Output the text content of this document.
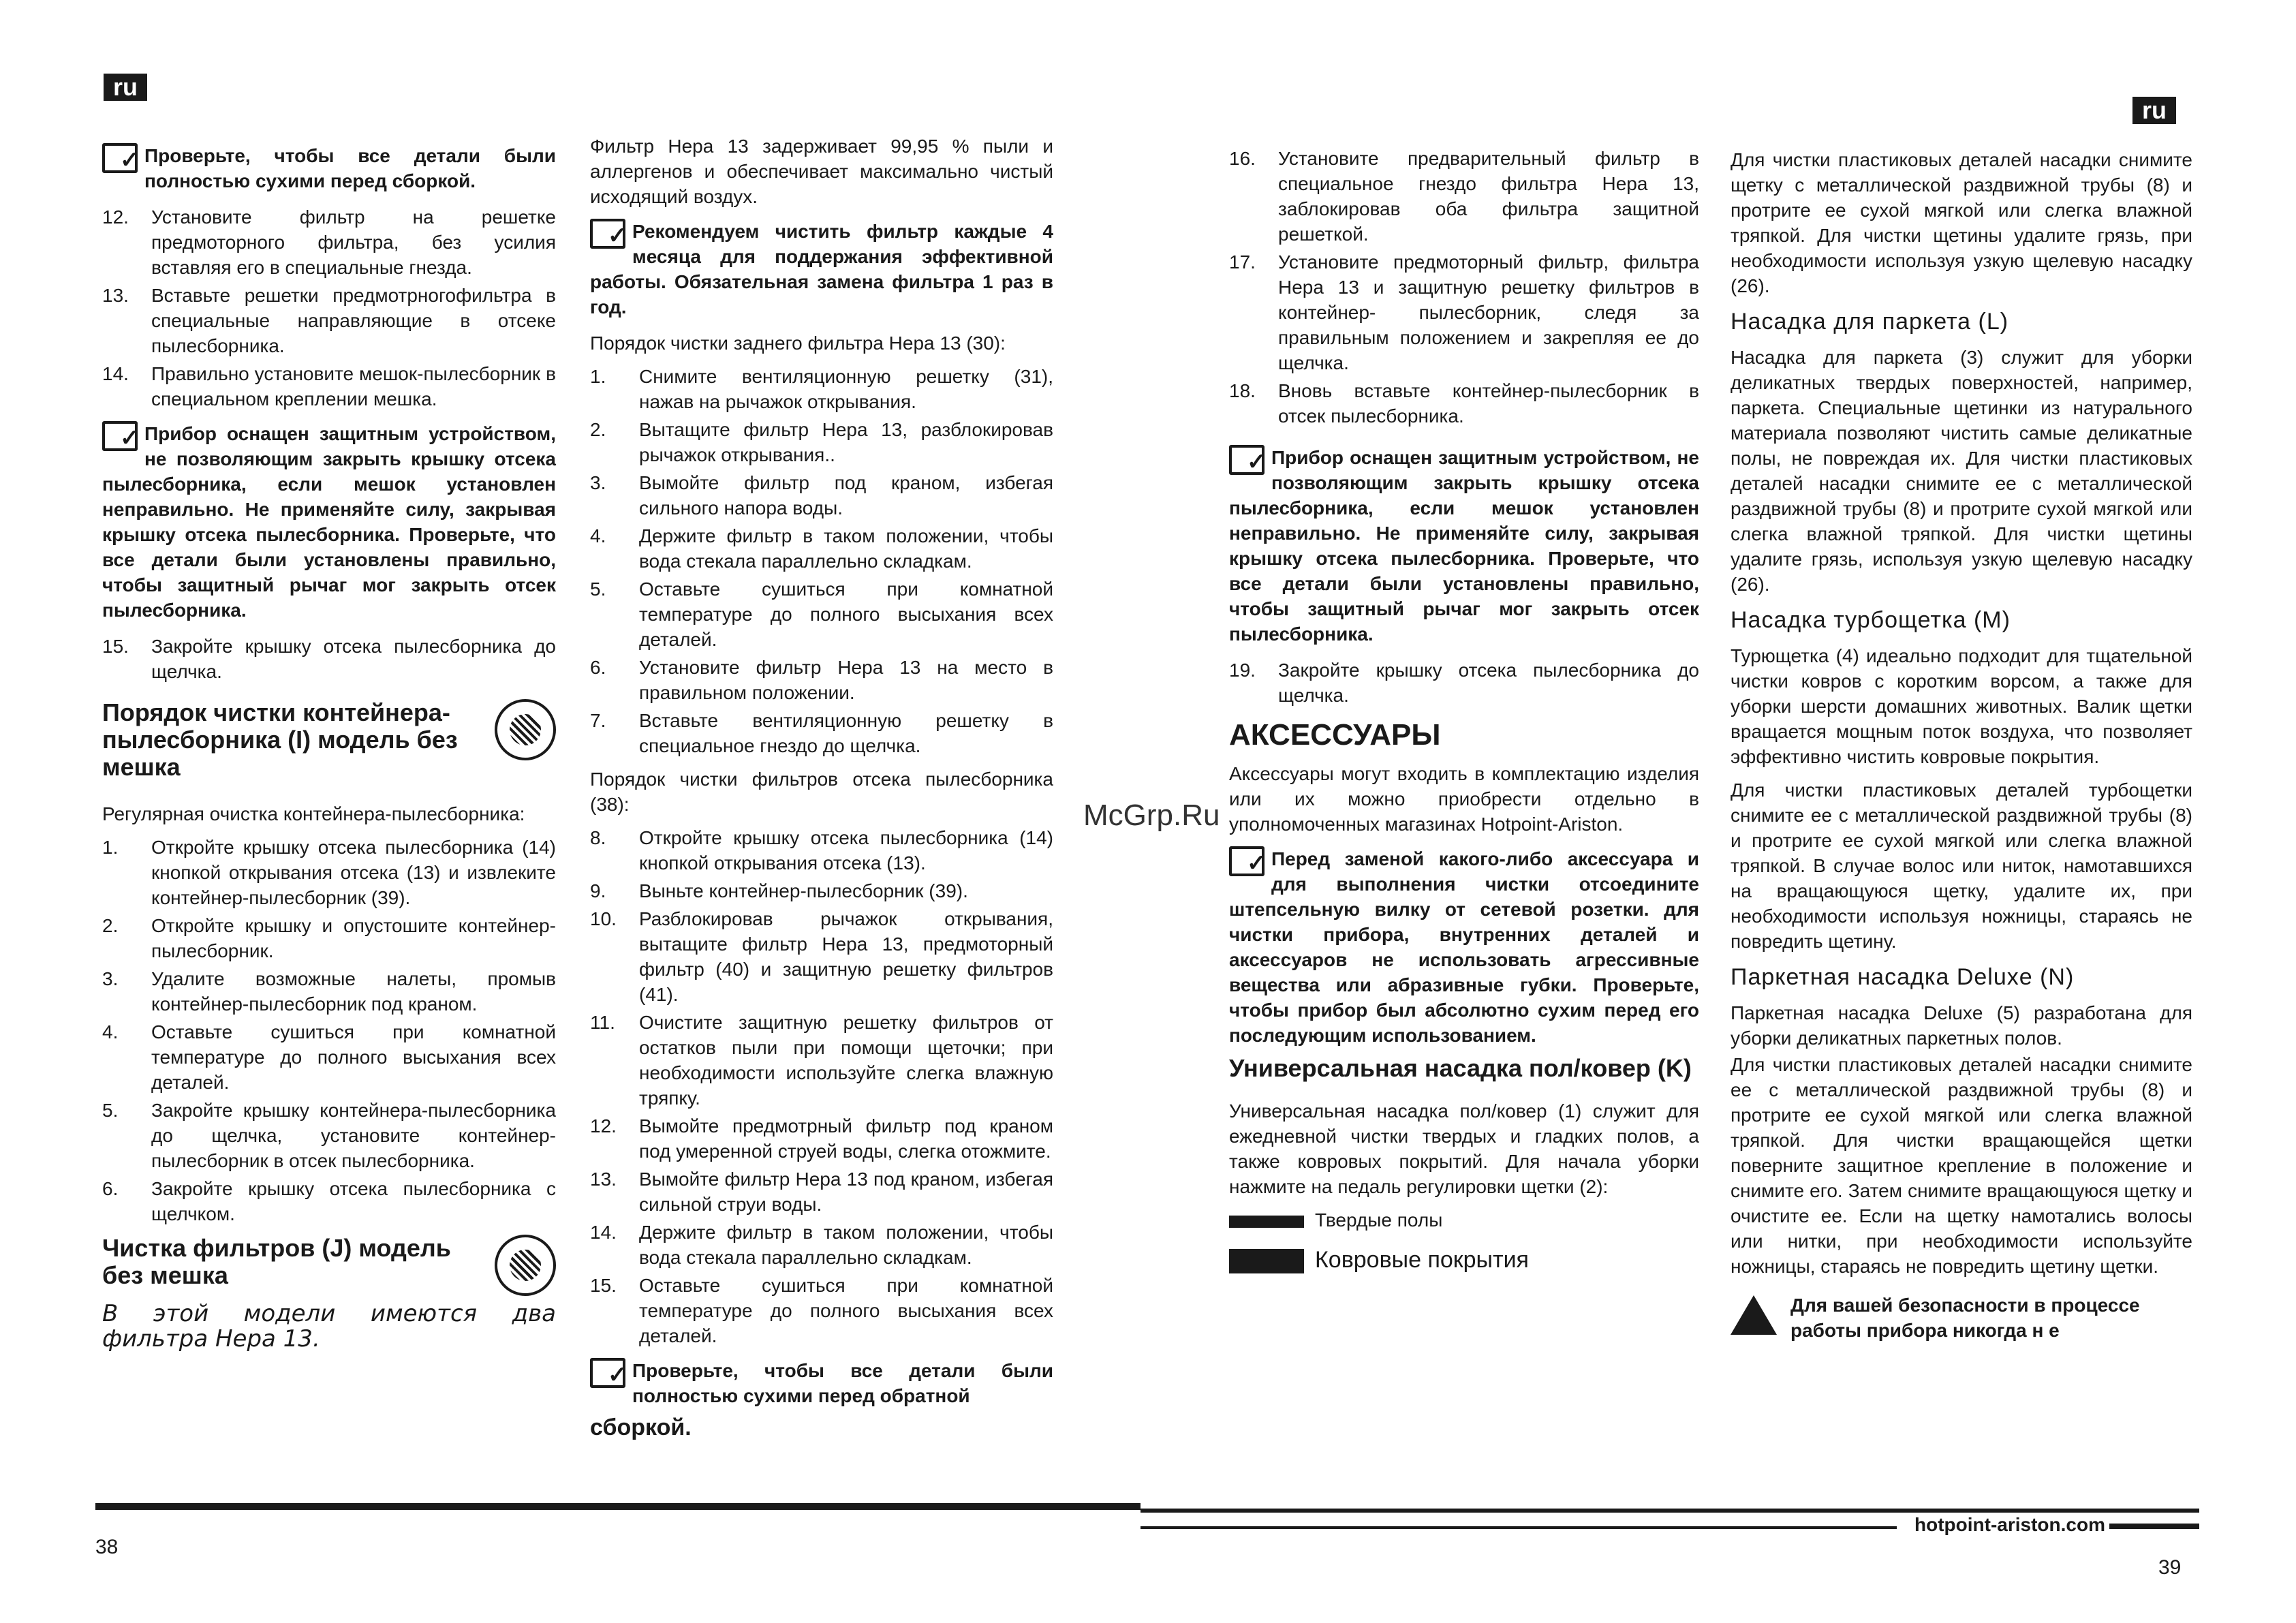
ru
ru
✓
Проверьте, чтобы все детали были полностью сухими перед сборкой.
12.	Установите фильтр на решетке предмоторного фильтра, без усилия вставляя его в специальные гнезда.
13.	Вставьте решетки предмотрногофильтра в специальные направляющие в отсеке пылесборника.
14.	Правильно установите мешок-пылесборник в специальном креплении мешка.
✓
Прибор оснащен защитным устройством, не позволяющим закрыть крышку отсека пылесборника, если мешок установлен неправильно. Не применяйте силу, закрывая крышку отсека пылесборника. Проверьте, что все детали были установлены правильно, чтобы защитный рычаг мог закрыть отсек пылесборника.
15.	Закройте крышку отсека пылесборника до щелчка.
Порядок чистки контейнера- пылесборника (I) модель без мешка

Регулярная очистка контейнера-пылесборника:

1.	Откройте крышку отсека пылесборника (14) кнопкой открывания отсека (13) и извлеките контейнер-пылесборник (39).
2.	Откройте крышку и опустошите контейнер-пылесборник.
3.	Удалите возможные налеты, промыв контейнер-пылесборник под краном.
4.	Оставьте сушиться при комнатной температуре до полного высыхания всех деталей.
5.	Закройте крышку контейнера-пылесборника до щелчка, установите контейнер-пылесборник в отсек пылесборника.
6.	Закройте крышку отсека пылесборника с щелчком.
Чистка фильтров (J) модель без мешка

В этой модели имеются два фильтра Hepa 13.

Фильтр Hepa 13 задерживает 99,95 % пыли и аллергенов и обеспечивает максимально чистый исходящий воздух.

✓
Рекомендуем чистить фильтр каждые 4 месяца для поддержания эффективной работы. Обязательная замена фильтра 1 раз в год.

Порядок чистки заднего фильтра Hepa 13 (30):

1.	Снимите вентиляционную решетку (31), нажав на рычажок открывания.
2.	Вытащите фильтр Hepa 13, разблокировав рычажок открывания..
3.	Вымойте фильтр под краном, избегая сильного напора воды.
4.	Держите фильтр в таком положении, чтобы вода стекала параллельно складкам.
5.	Оставьте сушиться при комнатной температуре до полного высыхания всех деталей.
6.	Установите фильтр Hepa 13 на место в правильном положении.
7.	Вставьте вентиляционную решетку в специальное гнездо до щелчка.

Порядок чистки фильтров отсека пылесборника (38):

8.	Откройте крышку отсека пылесборника (14) кнопкой открывания отсека (13).
9.	Выньте контейнер-пылесборник (39).
10.	Разблокировав рычажок открывания, вытащите фильтр Hepa 13, предмоторный фильтр (40) и защитную решетку фильтров (41).
11.	Очистите защитную решетку фильтров от остатков пыли при помощи щеточки; при необходимости используйте слегка влажную тряпку.
12.	Вымойте предмотрный фильтр под краном под умеренной струей воды, слегка отожмите.
13.	Вымойте фильтр Hepa 13 под краном, избегая сильной струи воды.
14.	Держите фильтр в таком положении, чтобы вода стекала параллельно складкам.
15.	Оставьте сушиться при комнатной температуре до полного высыхания всех деталей.
✓
Проверьте, чтобы все детали были полностью сухими перед обратной

сборкой.

16.	Установите предварительный фильтр в специальное гнездо фильтра Hepa 13, заблокировав оба фильтра защитной решеткой.
17.	Установите предмоторный фильтр, фильтра Hepa 13 и защитную решетку фильтров в контейнер- пылесборник, следя за правильным положением и закрепляя ее до щелчка.
18.	Вновь вставьте контейнер-пылесборник в отсек пылесборника.
✓
Прибор оснащен защитным устройством, не позволяющим закрыть крышку отсека пылесборника, если мешок установлен неправильно. Не применяйте силу, закрывая крышку отсека пылесборника. Проверьте, что все детали были установлены правильно, чтобы защитный рычаг мог закрыть отсек пылесборника.
19.	Закройте крышку отсека пылесборника до щелчка.
АКСЕССУАРЫ

Аксессуары могут входить в комплектацию изделия или их можно приобрести отдельно в уполномоченных магазинах Hotpoint-Ariston.

✓
Перед заменой какого-либо аксессуара и для выполнения чистки отсоедините штепсельную вилку от сетевой розетки. для чистки прибора, внутренних деталей и аксессуаров не использовать агрессивные вещества или абразивные губки. Проверьте, чтобы прибор был абсолютно сухим перед его последующим использованием.
Универсальная насадка пол/ковер (K)

Универсальная насадка пол/ковер (1) служит для ежедневной чистки твердых и гладких полов, а также ковровых покрытий. Для начала уборки нажмите на педаль регулировки щетки (2):

Твердые полы
Ковровые покрытия
McGrp.Ru

Для чистки пластиковых деталей насадки снимите щетку с металлической раздвижной трубы (8) и протрите ее сухой мягкой или слегка влажной тряпкой. Для чистки щетины удалите грязь, при необходимости используя узкую щелевую насадку (26).

Насадка для паркета (L)

Насадка для паркета (3) служит для уборки деликатных твердых поверхностей, например, паркета. Специальные щетинки из натурального материала позволяют чистить самые деликатные полы, не повреждая их. Для чистки пластиковых деталей насадки снимите ее с металлической раздвижной трубы (8) и протрите сухой мягкой или слегка влажной тряпкой. Для чистки щетины удалите грязь, используя узкую щелевую насадку (26).

Насадка турбощетка (M)

Турющетка (4) идеально подходит для тщательной чистки ковров с коротким ворсом, а также для уборки шерсти домашних животных. Валик щетки вращается мощным поток воздуха, что позволяет эффективно чистить ковровые покрытия.

Для чистки пластиковых деталей турбощетки снимите ее с металлической раздвижной трубы (8) и протрите ее сухой мягкой или слегка влажной тряпкой. В случае волос или ниток, намотавшихся на вращающуюся щетку, удалите их, при необходимости используя ножницы, стараясь не повредить щетину.

Паркетная насадка Deluxe (N)

Паркетная насадка Deluxe (5) разработана для уборки деликатных паркетных полов.

Для чистки пластиковых деталей насадки снимите ее с металлической раздвижной трубы (8) и протрите ее сухой мягкой или слегка влажной тряпкой. Для чистки вращающейся щетки поверните защитное крепление в положение и снимите его. Затем снимите вращающуюся щетку и очистите ее. Если на щетку намотались волосы или нитки, при необходимости используйте ножницы, стараясь не повредить щетину щетки.

Для вашей безопасности в процессе работы прибора никогда н е
hotpoint-ariston.com
38
39
